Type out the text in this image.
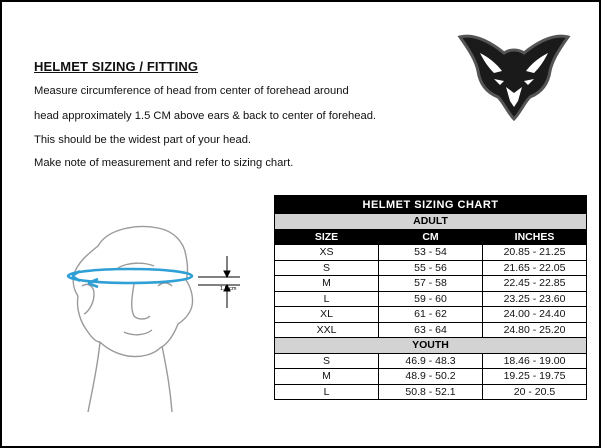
HELMET SIZING / FITTING
Measure circumference of head from center of forehead around
head approximately 1.5 CM above ears & back to center of forehead.
This should be the widest part of your head.
Make note of measurement and refer to sizing chart.
1.5 cm
HELMET SIZING CHART		
ADULT		
SIZE	CM	INCHES
XS	53 - 54	20.85 - 21.25
S	55 - 56	21.65 - 22.05
M	57 - 58	22.45 - 22.85
L	59 - 60	23.25 - 23.60
XL	61 - 62	24.00 - 24.40
XXL	63 - 64	24.80 - 25.20
YOUTH		
S	46.9 - 48.3	18.46 - 19.00
M	48.9 - 50.2	19.25 - 19.75
L	50.8 - 52.1	20 - 20.5
